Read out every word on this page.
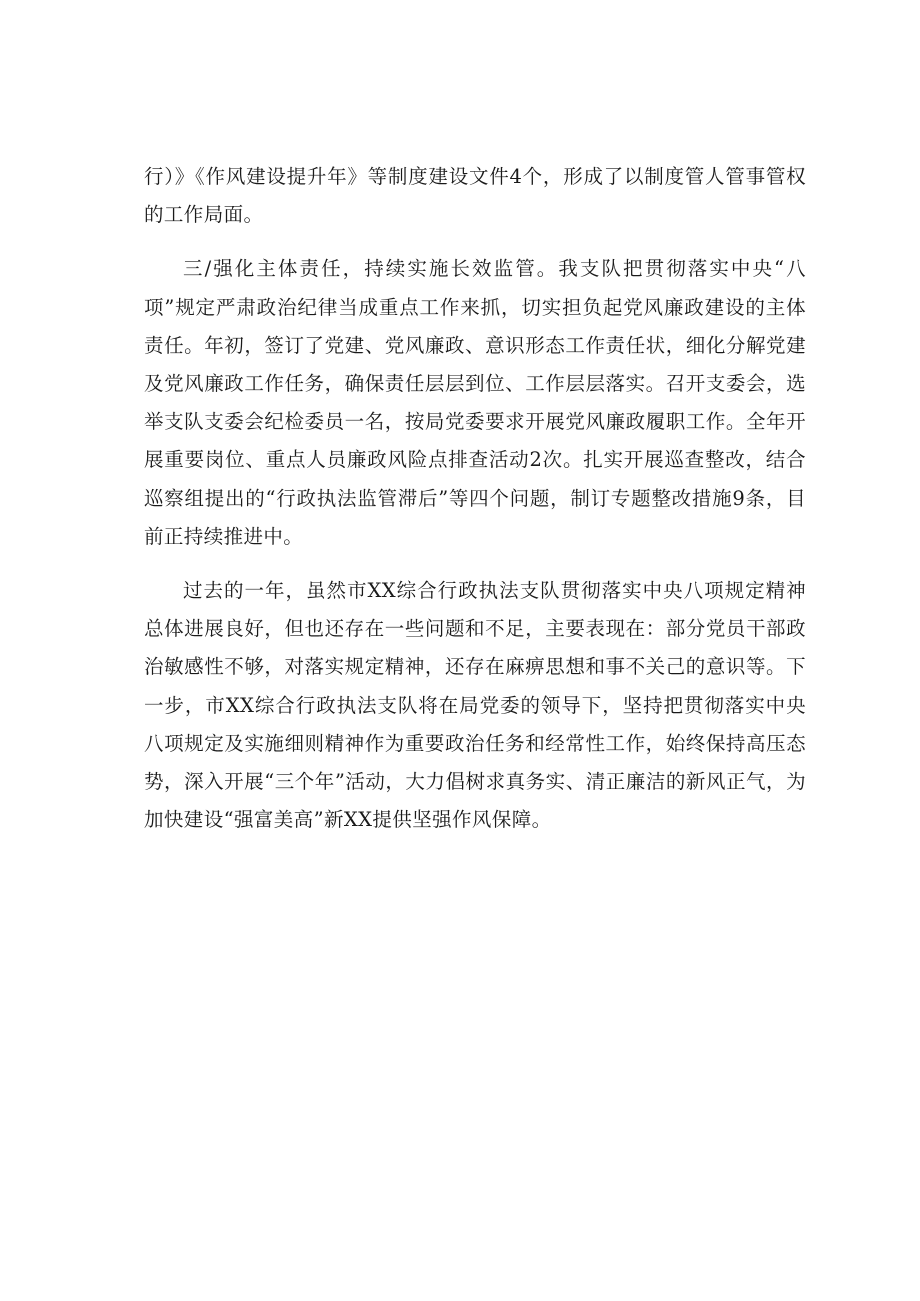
行）》《作风建设提升年》等制度建设文件4个，形成了以制度管人管事管权的工作局面。

三/强化主体责任，持续实施长效监管。我支队把贯彻落实中央“八项”规定严肃政治纪律当成重点工作来抓，切实担负起党风廉政建设的主体责任。年初，签订了党建、党风廉政、意识形态工作责任状，细化分解党建及党风廉政工作任务，确保责任层层到位、工作层层落实。召开支委会，选举支队支委会纪检委员一名，按局党委要求开展党风廉政履职工作。全年开展重要岗位、重点人员廉政风险点排查活动2次。扎实开展巡查整改，结合巡察组提出的“行政执法监管滞后”等四个问题，制订专题整改措施9条，目前正持续推进中。

过去的一年，虽然市XX综合行政执法支队贯彻落实中央八项规定精神总体进展良好，但也还存在一些问题和不足，主要表现在：部分党员干部政治敏感性不够，对落实规定精神，还存在麻痹思想和事不关己的意识等。下一步，市XX综合行政执法支队将在局党委的领导下，坚持把贯彻落实中央八项规定及实施细则精神作为重要政治任务和经常性工作，始终保持高压态势，深入开展“三个年”活动，大力倡树求真务实、清正廉洁的新风正气，为加快建设“强富美高”新XX提供坚强作风保障。
